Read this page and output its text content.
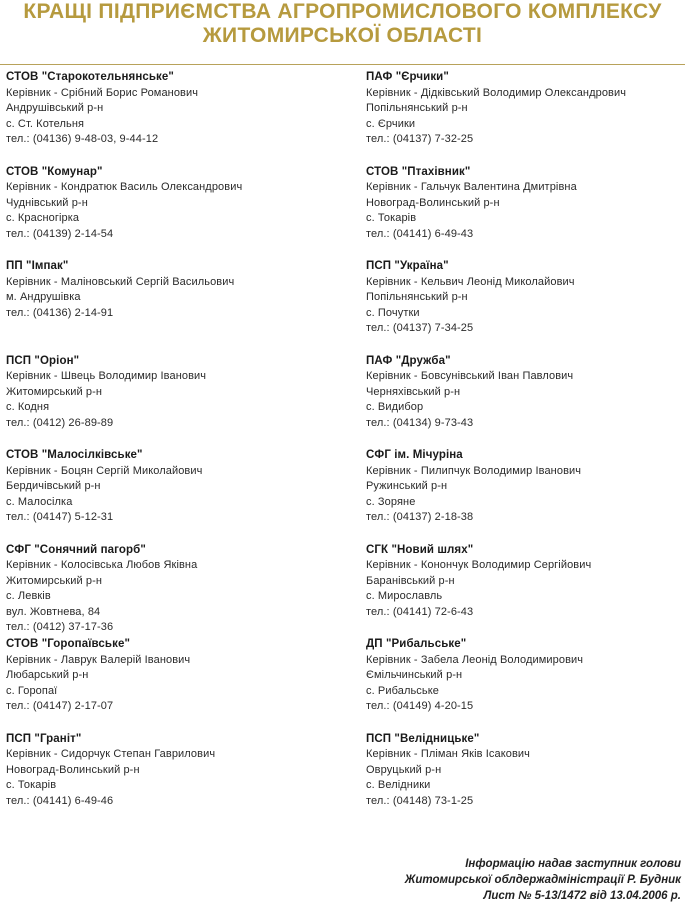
КРАЩІ ПІДПРИЄМСТВА АГРОПРОМИСЛОВОГО КОМПЛЕКСУ
ЖИТОМИРСЬКОЇ ОБЛАСТІ
СТОВ "Старокотельнянське"
Керівник - Срібний Борис Романович
Андрушівський р-н
с. Ст. Котельня
тел.: (04136) 9-48-03, 9-44-12
СТОВ "Комунар"
Керівник - Кондратюк Василь Олександрович
Чуднівський р-н
с. Красногірка
тел.: (04139) 2-14-54
ПП "Імпак"
Керівник - Маліновський Сергій Васильович
м. Андрушівка
тел.: (04136) 2-14-91
ПСП "Оріон"
Керівник - Швець Володимир Іванович
Житомирський р-н
с. Кодня
тел.: (0412) 26-89-89
СТОВ "Малосілківське"
Керівник - Боцян Сергій Миколайович
Бердичівський р-н
с. Малосілка
тел.: (04147) 5-12-31
СФГ "Сонячний пагорб"
Керівник - Колосівська Любов Яківна
Житомирський р-н
с. Левків
вул. Жовтнева, 84
тел.: (0412) 37-17-36
СТОВ "Горопаївське"
Керівник - Лаврук Валерій Іванович
Любарський р-н
с. Горопаї
тел.: (04147) 2-17-07
ПСП "Граніт"
Керівник - Сидорчук Степан Гаврилович
Новоград-Волинський р-н
с. Токарів
тел.: (04141) 6-49-46
ПАФ "Єрчики"
Керівник - Дідківський Володимир Олександрович
Попільнянський р-н
с. Єрчики
тел.: (04137) 7-32-25
СТОВ "Птахівник"
Керівник - Гальчук Валентина Дмитрівна
Новоград-Волинський р-н
с. Токарів
тел.: (04141) 6-49-43
ПСП "Україна"
Керівник - Кельвич Леонід Миколайович
Попільнянський р-н
с. Почутки
тел.: (04137) 7-34-25
ПАФ "Дружба"
Керівник - Бовсунівський Іван Павлович
Черняхівський р-н
с. Видибор
тел.: (04134) 9-73-43
СФГ ім. Мічуріна
Керівник - Пилипчук Володимир Іванович
Ружинський р-н
с. Зоряне
тел.: (04137) 2-18-38
СГК "Новий шлях"
Керівник - Конончук Володимир Сергійович
Баранівський р-н
с. Мирославль
тел.: (04141) 72-6-43
ДП "Рибальське"
Керівник - Забела Леонід Володимирович
Ємільчинський р-н
с. Рибальське
тел.: (04149) 4-20-15
ПСП "Велідницьке"
Керівник - Пліман Яків Ісакович
Овруцький р-н
с. Велідники
тел.: (04148) 73-1-25
Інформацію надав заступник голови
Житомирської облдержадміністрації Р. Будник
Лист № 5-13/1472 від 13.04.2006 р.
